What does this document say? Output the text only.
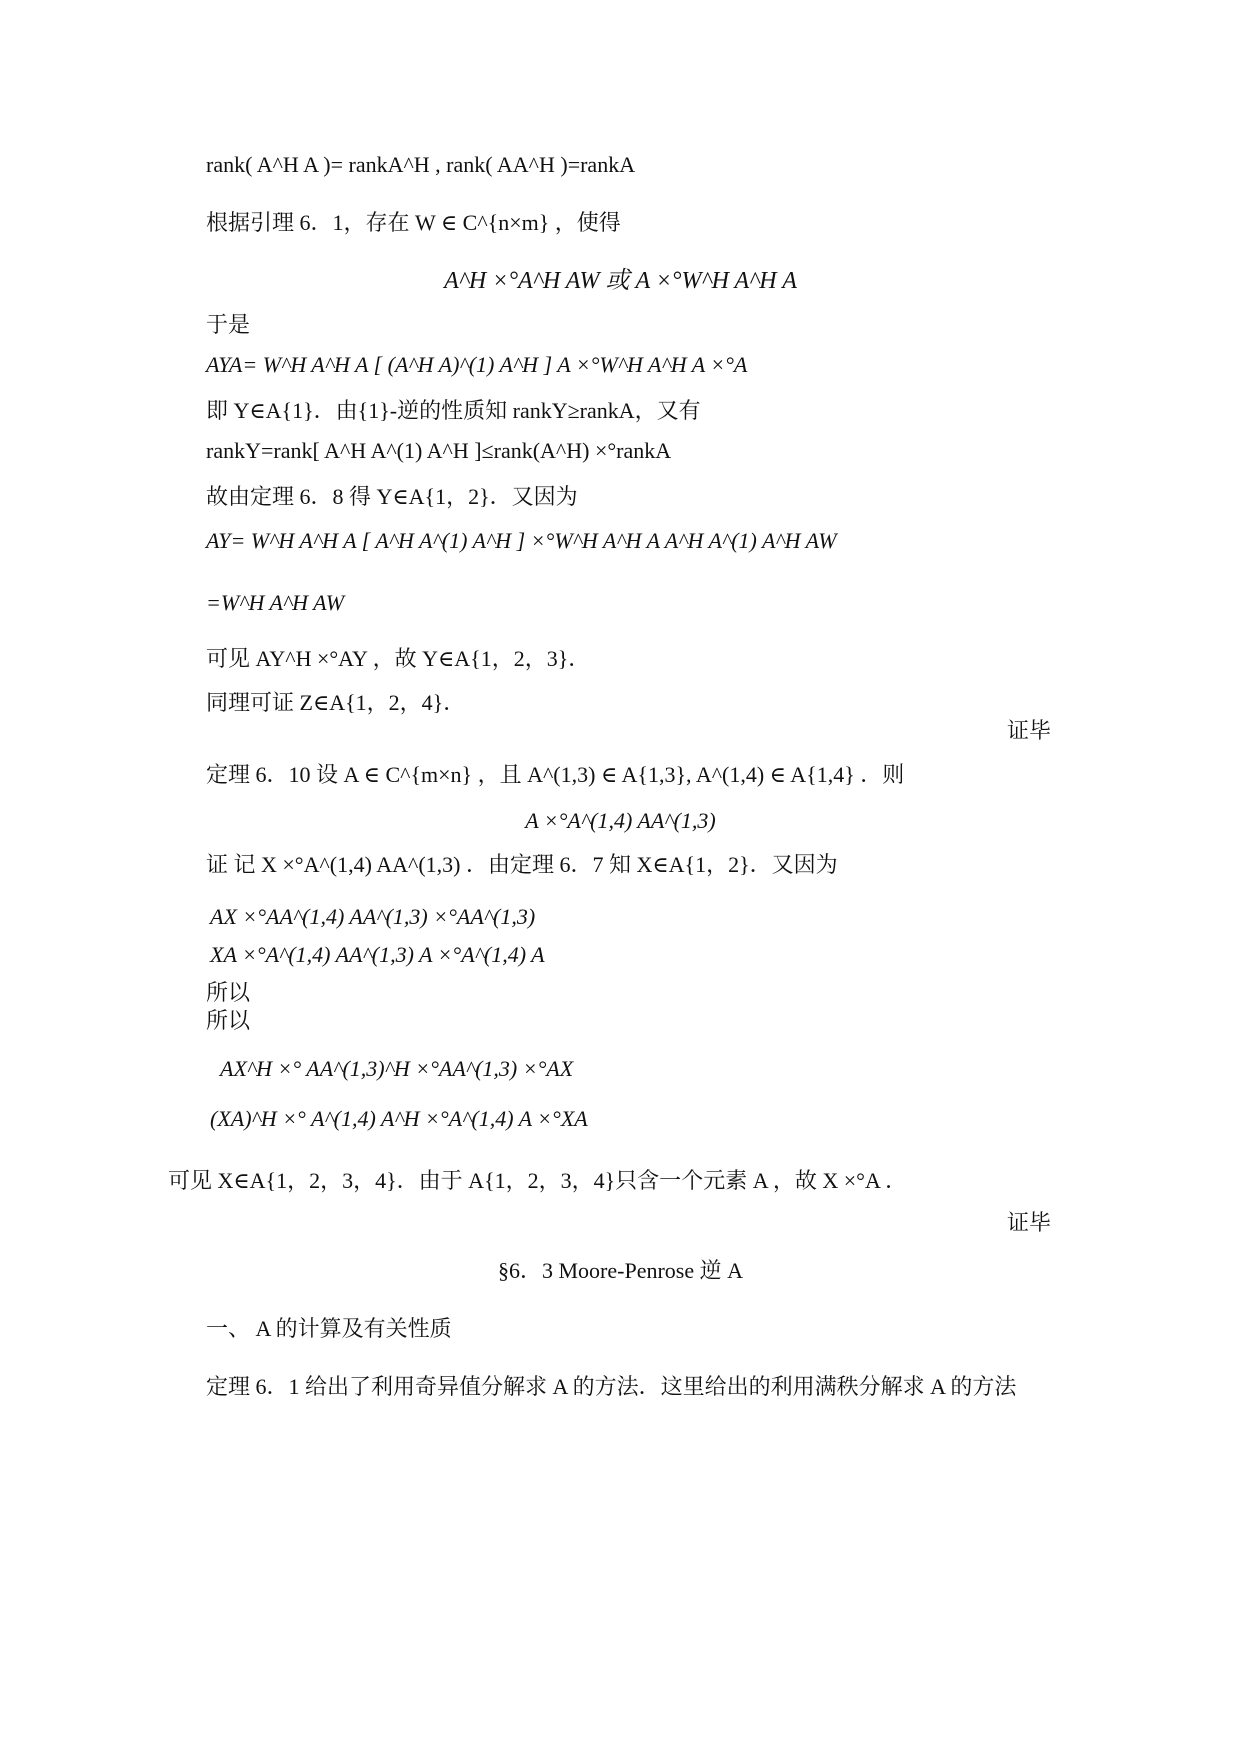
rank( A^H A )= rankA^H , rank( AA^H )=rankA
根据引理 6．1，存在 W ∈ C^{n×m} ，使得
A^H ×°A^H AW 或 A ×°W^H A^H A
于是
AYA= W^H A^H A [ (A^H A)^(1) A^H ] A ×°W^H A^H A ×°A
即 Y∈A{1}．由{1}-逆的性质知 rankY≥rankA，又有
rankY=rank[ A^H A^(1) A^H ]≤rank(A^H) ×°rankA
故由定理 6．8 得 Y∈A{1，2}．又因为
AY= W^H A^H A [ A^H A^(1) A^H ] ×°W^H A^H A A^H A^(1) A^H AW
=W^H A^H AW
可见 AY^H ×°AY ，故 Y∈A{1，2，3}．
同理可证 Z∈A{1，2，4}．
证毕
定理 6．10 设 A ∈ C^{m×n} ，且 A^(1,3) ∈ A{1,3}, A^(1,4) ∈ A{1,4} ．则
A ×°A^(1,4) AA^(1,3)
证 记 X ×°A^(1,4) AA^(1,3) ．由定理 6．7 知 X∈A{1，2}．又因为
AX ×°AA^(1,4) AA^(1,3) ×°AA^(1,3)
XA ×°A^(1,4) AA^(1,3) A ×°A^(1,4) A
所以
所以
AX^H ×° AA^(1,3)^H ×°AA^(1,3) ×°AX
(XA)^H ×° A^(1,4) A^H ×°A^(1,4) A ×°XA
可见 X∈A{1，2，3，4}．由于 A{1，2，3，4}只含一个元素 A ，故 X ×°A ．
证毕
§6．3 Moore-Penrose 逆 A
一、 A 的计算及有关性质
定理 6．1 给出了利用奇异值分解求 A 的方法．这里给出的利用满秩分解求 A 的方法
